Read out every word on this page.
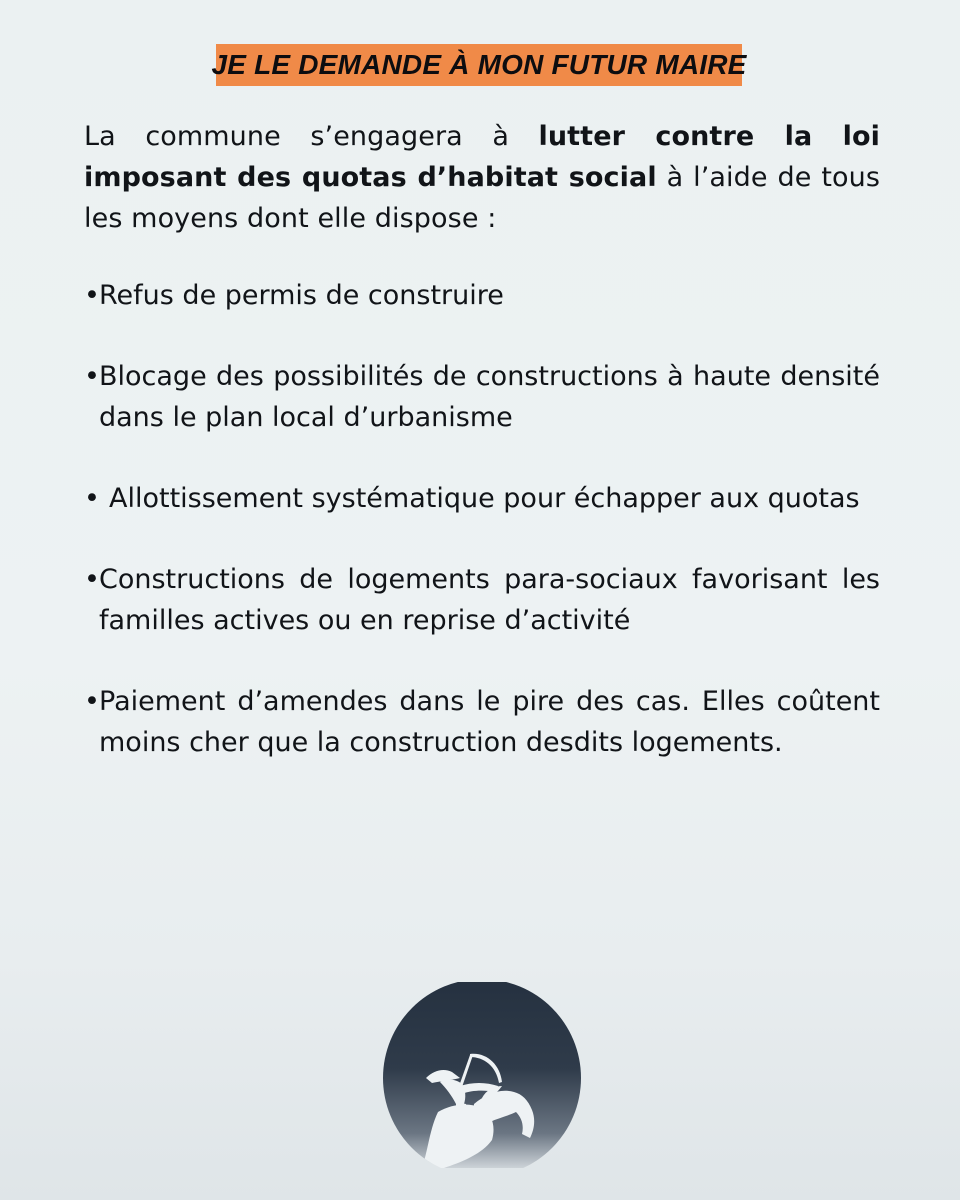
JE LE DEMANDE À MON FUTUR MAIRE

La commune s’engagera à lutter contre la loi imposant des quotas d’habitat social à l’aide de tous les moyens dont elle dispose :

• Refus de permis de construire
• Blocage des possibilités de constructions à haute densité dans le plan local d’urbanisme
• Allottissement systématique pour échapper aux quotas
• Constructions de logements para-sociaux favorisant les familles actives ou en reprise d’activité
• Paiement d’amendes dans le pire des cas. Elles coûtent moins cher que la construction desdits logements.
